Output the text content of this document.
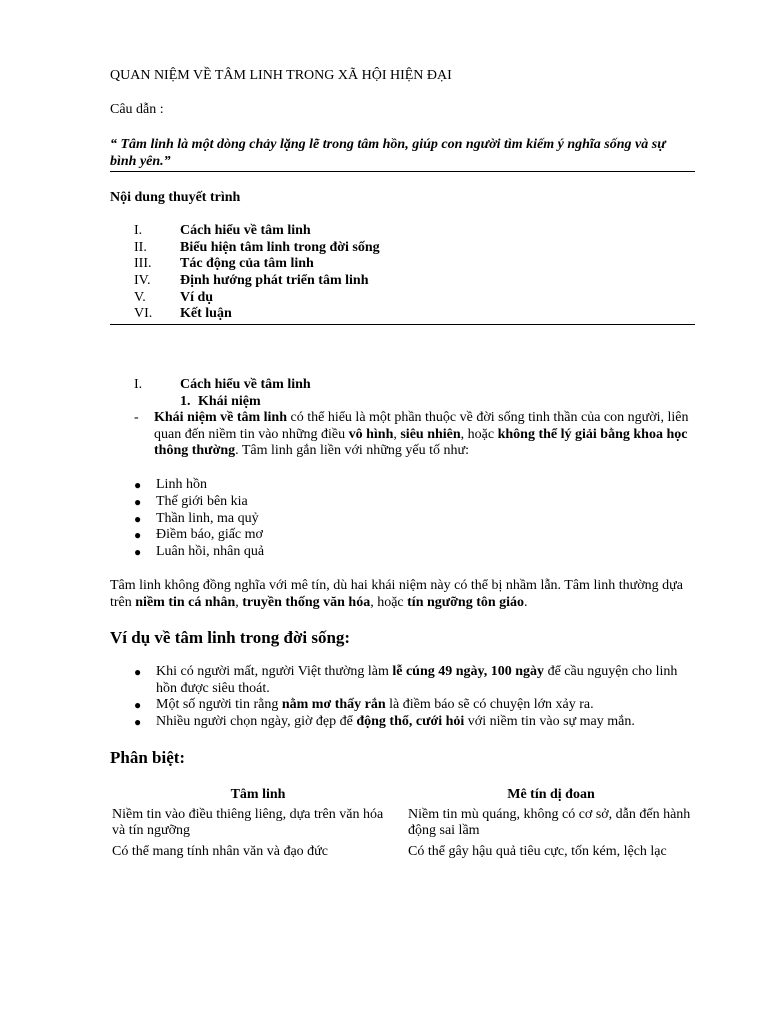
QUAN NIỆM VỀ TÂM LINH TRONG XÃ HỘI HIỆN ĐẠI
Câu dẫn :
“ Tâm linh là một dòng chảy lặng lẽ trong tâm hồn, giúp con người tìm kiếm ý nghĩa sống và sự bình yên.”
Nội dung thuyết trình
I.	Cách hiểu về tâm linh
II.	Biểu hiện tâm linh trong đời sống
III.	Tác động của tâm linh
IV.	Định hướng phát triển tâm linh
V.	Ví dụ
VI.	Kết luận
I.	Cách hiểu về tâm linh
1. Khái niệm
-	Khái niệm về tâm linh có thể hiểu là một phần thuộc về đời sống tinh thần của con người, liên quan đến niềm tin vào những điều vô hình, siêu nhiên, hoặc không thể lý giải bằng khoa học thông thường. Tâm linh gắn liền với những yếu tố như:
●	Linh hồn
●	Thế giới bên kia
●	Thần linh, ma quỷ
●	Điềm báo, giấc mơ
●	Luân hồi, nhân quả
Tâm linh không đồng nghĩa với mê tín, dù hai khái niệm này có thể bị nhầm lẫn. Tâm linh thường dựa trên niềm tin cá nhân, truyền thống văn hóa, hoặc tín ngưỡng tôn giáo.
Ví dụ về tâm linh trong đời sống:
●	Khi có người mất, người Việt thường làm lễ cúng 49 ngày, 100 ngày để cầu nguyện cho linh hồn được siêu thoát.
●	Một số người tin rằng nằm mơ thấy rắn là điềm báo sẽ có chuyện lớn xảy ra.
●	Nhiều người chọn ngày, giờ đẹp để động thổ, cưới hỏi với niềm tin vào sự may mắn.
Phân biệt:
Tâm linh	Mê tín dị đoan
Niềm tin vào điều thiêng liêng, dựa trên văn hóa và tín ngưỡng	Niềm tin mù quáng, không có cơ sở, dẫn đến hành động sai lầm
Có thể mang tính nhân văn và đạo đức	Có thể gây hậu quả tiêu cực, tốn kém, lệch lạc
